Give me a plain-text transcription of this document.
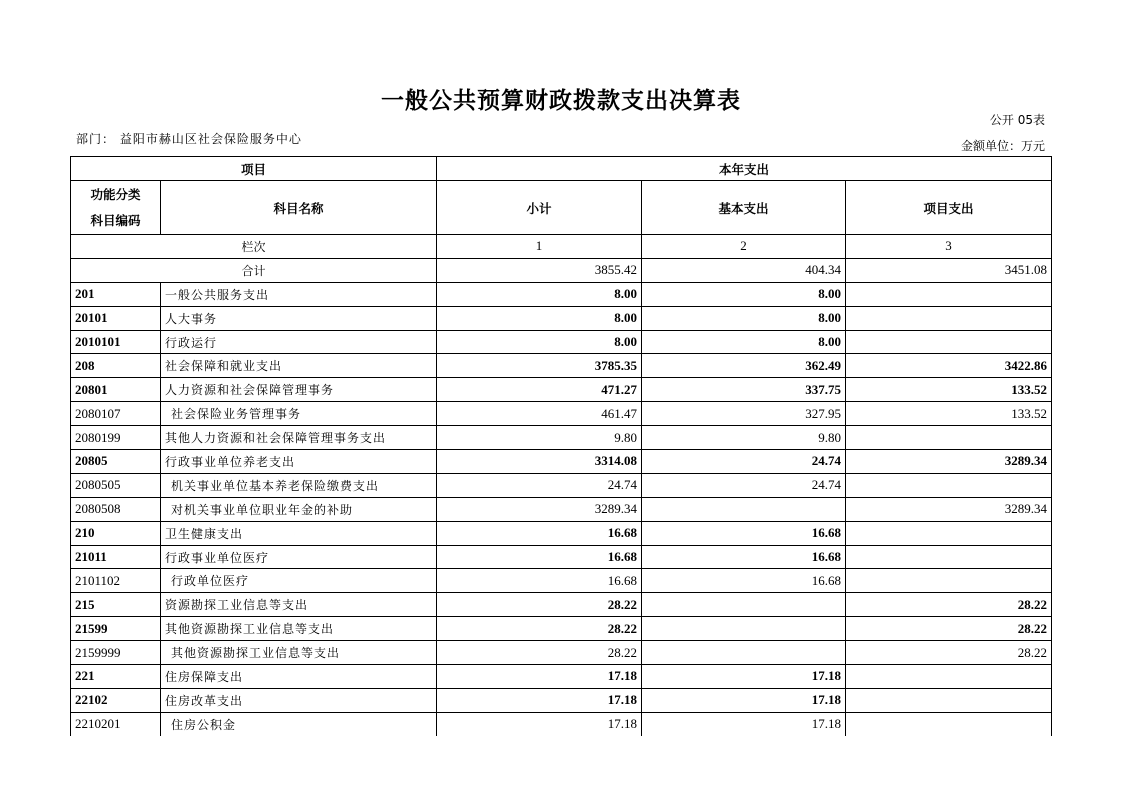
一般公共预算财政拨款支出决算表
公开 05表
部门： 益阳市赫山区社会保险服务中心	金额单位：万元
项目		本年支出		
功能分类
科目编码	科目名称	小计	基本支出	项目支出
栏次		1	2	3
合计		3855.42	404.34	3451.08
201	一般公共服务支出	8.00	8.00	
20101	人大事务	8.00	8.00	
2010101	行政运行	8.00	8.00	
208	社会保障和就业支出	3785.35	362.49	3422.86
20801	人力资源和社会保障管理事务	471.27	337.75	133.52
2080107	社会保险业务管理事务	461.47	327.95	133.52
2080199	其他人力资源和社会保障管理事务支出	9.80	9.80	
20805	行政事业单位养老支出	3314.08	24.74	3289.34
2080505	机关事业单位基本养老保险缴费支出	24.74	24.74	
2080508	对机关事业单位职业年金的补助	3289.34		3289.34
210	卫生健康支出	16.68	16.68	
21011	行政事业单位医疗	16.68	16.68	
2101102	行政单位医疗	16.68	16.68	
215	资源勘探工业信息等支出	28.22		28.22
21599	其他资源勘探工业信息等支出	28.22		28.22
2159999	其他资源勘探工业信息等支出	28.22		28.22
221	住房保障支出	17.18	17.18	
22102	住房改革支出	17.18	17.18	
2210201	住房公积金	17.18	17.18	
